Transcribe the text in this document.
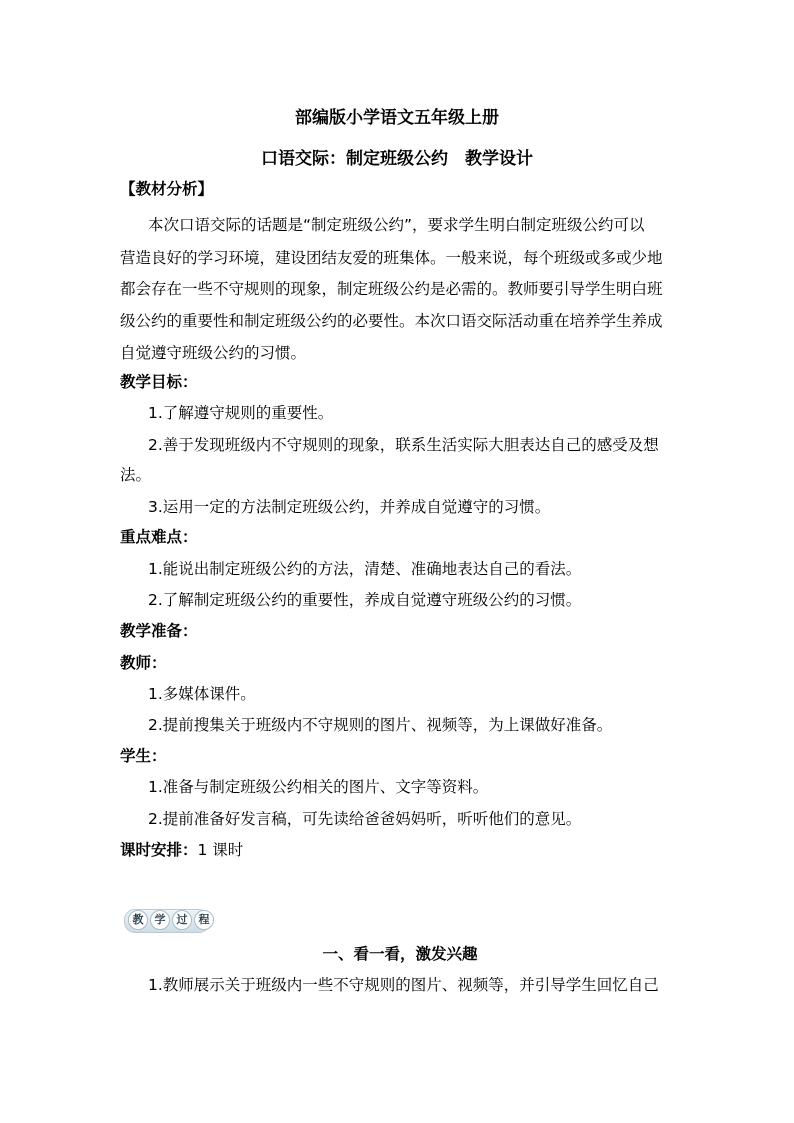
部编版小学语文五年级上册
口语交际：制定班级公约　教学设计
【教材分析】
本次口语交际的话题是“制定班级公约”，要求学生明白制定班级公约可以
营造良好的学习环境，建设团结友爱的班集体。一般来说，每个班级或多或少地
都会存在一些不守规则的现象，制定班级公约是必需的。教师要引导学生明白班
级公约的重要性和制定班级公约的必要性。本次口语交际活动重在培养学生养成
自觉遵守班级公约的习惯。
教学目标：
1.了解遵守规则的重要性。
2.善于发现班级内不守规则的现象，联系生活实际大胆表达自己的感受及想
法。
3.运用一定的方法制定班级公约，并养成自觉遵守的习惯。
重点难点：
1.能说出制定班级公约的方法，清楚、准确地表达自己的看法。
2.了解制定班级公约的重要性，养成自觉遵守班级公约的习惯。
教学准备：
教师：
1.多媒体课件。
2.提前搜集关于班级内不守规则的图片、视频等，为上课做好准备。
学生：
1.准备与制定班级公约相关的图片、文字等资料。
2.提前准备好发言稿，可先读给爸爸妈妈听，听听他们的意见。
课时安排：1 课时
教	学	过	程
一、看一看，激发兴趣
1.教师展示关于班级内一些不守规则的图片、视频等，并引导学生回忆自己
